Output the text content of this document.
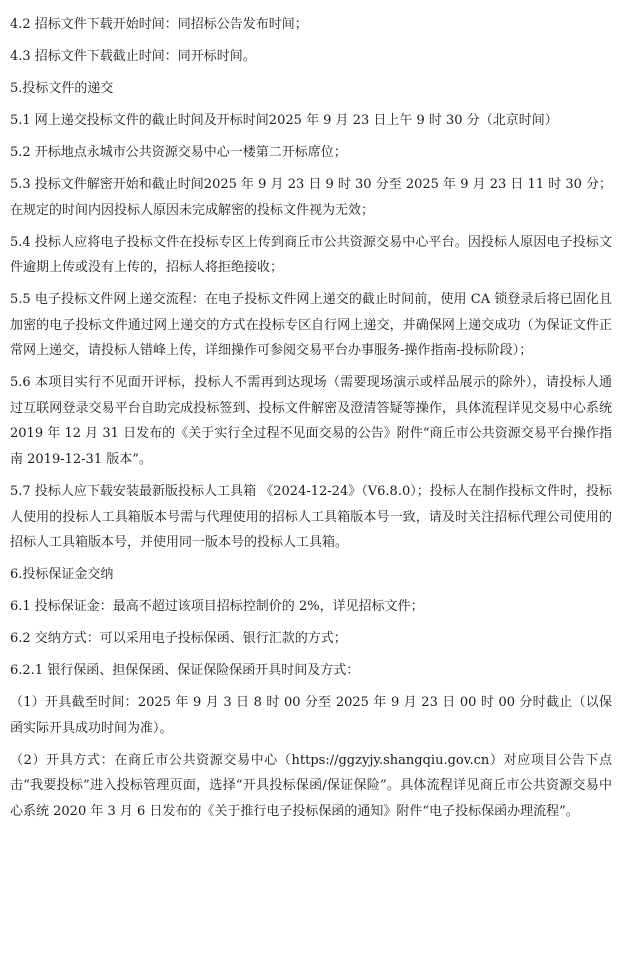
4.2 招标文件下载开始时间：同招标公告发布时间；

4.3 招标文件下载截止时间：同开标时间。

5.投标文件的递交

5.1 网上递交投标文件的截止时间及开标时间2025 年 9 月 23 日上午 9 时 30 分（北京时间）

5.2 开标地点永城市公共资源交易中心一楼第二开标席位；

5.3 投标文件解密开始和截止时间2025 年 9 月 23 日 9 时 30 分至 2025 年 9 月 23 日 11 时 30 分；在规定的时间内因投标人原因未完成解密的投标文件视为无效；

5.4 投标人应将电子投标文件在投标专区上传到商丘市公共资源交易中心平台。因投标人原因电子投标文件逾期上传或没有上传的，招标人将拒绝接收；

5.5 电子投标文件网上递交流程：在电子投标文件网上递交的截止时间前，使用 CA 锁登录后将已固化且加密的电子投标文件通过网上递交的方式在投标专区自行网上递交，并确保网上递交成功（为保证文件正常网上递交，请投标人错峰上传，详细操作可参阅交易平台办事服务-操作指南-投标阶段）；

5.6 本项目实行不见面开评标，投标人不需再到达现场（需要现场演示或样品展示的除外），请投标人通过互联网登录交易平台自助完成投标签到、投标文件解密及澄清答疑等操作，具体流程详见交易中心系统 2019 年 12 月 31 日发布的《关于实行全过程不见面交易的公告》附件“商丘市公共资源交易平台操作指南 2019-12-31 版本”。

5.7 投标人应下载安装最新版投标人工具箱 《2024-12-24》（V6.8.0）；投标人在制作投标文件时，投标人使用的投标人工具箱版本号需与代理使用的招标人工具箱版本号一致，请及时关注招标代理公司使用的招标人工具箱版本号，并使用同一版本号的投标人工具箱。

6.投标保证金交纳

6.1 投标保证金：最高不超过该项目招标控制价的 2%，详见招标文件；

6.2 交纳方式：可以采用电子投标保函、银行汇款的方式；

6.2.1 银行保函、担保保函、保证保险保函开具时间及方式：

（1）开具截至时间：2025 年 9 月 3 日 8 时 00 分至 2025 年 9 月 23 日 00 时 00 分时截止（以保函实际开具成功时间为准）。

（2）开具方式：在商丘市公共资源交易中心（https://ggzyjy.shangqiu.gov.cn）对应项目公告下点击“我要投标”进入投标管理页面，选择“开具投标保函/保证保险”。具体流程详见商丘市公共资源交易中心系统 2020 年 3 月 6 日发布的《关于推行电子投标保函的通知》附件“电子投标保函办理流程”。
